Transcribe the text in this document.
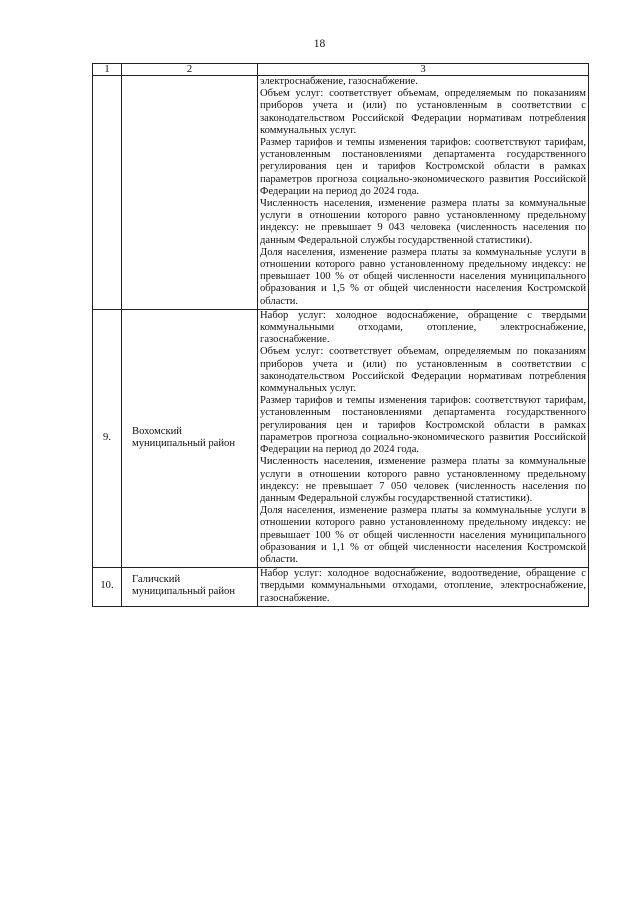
18
1	2	3

		электроснабжение, газоснабжение.

Объем услуг: соответствует объемам, определяемым по показаниям приборов учета и (или) по установленным в соответствии с законодательством Российской Федерации нормативам потребления коммунальных услуг.

Размер тарифов и темпы изменения тарифов: соответствуют тарифам, установленным постановлениями департамента государственного регулирования цен и тарифов Костромской области в рамках параметров прогноза социально-экономического развития Российской Федерации на период до 2024 года.

Численность населения, изменение размера платы за коммунальные услуги в отношении которого равно установленному предельному индексу: не превышает 9 043 человека (численность населения по данным Федеральной службы государственной статистики).

Доля населения, изменение размера платы за коммунальные услуги в отношении которого равно установленному предельному индексу: не превышает 100 % от общей численности населения муниципального образования и 1,5 % от общей численности населения Костромской области.

9.	Вохомский муниципальный район	Набор услуг: холодное водоснабжение, обращение с твердыми коммунальными отходами, отопление, электроснабжение, газоснабжение.

Объем услуг: соответствует объемам, определяемым по показаниям приборов учета и (или) по установленным в соответствии с законодательством Российской Федерации нормативам потребления коммунальных услуг.

Размер тарифов и темпы изменения тарифов: соответствуют тарифам, установленным постановлениями департамента государственного регулирования цен и тарифов Костромской области в рамках параметров прогноза социально-экономического развития Российской Федерации на период до 2024 года.

Численность населения, изменение размера платы за коммунальные услуги в отношении которого равно установленному предельному индексу: не превышает 7 050 человек (численность населения по данным Федеральной службы государственной статистики).

Доля населения, изменение размера платы за коммунальные услуги в отношении которого равно установленному предельному индексу: не превышает 100 % от общей численности населения муниципального образования и 1,1 % от общей численности населения Костромской области.

10.	Галичский муниципальный район	Набор услуг: холодное водоснабжение, водоотведение, обращение с твердыми коммунальными отходами, отопление, электроснабжение, газоснабжение.
